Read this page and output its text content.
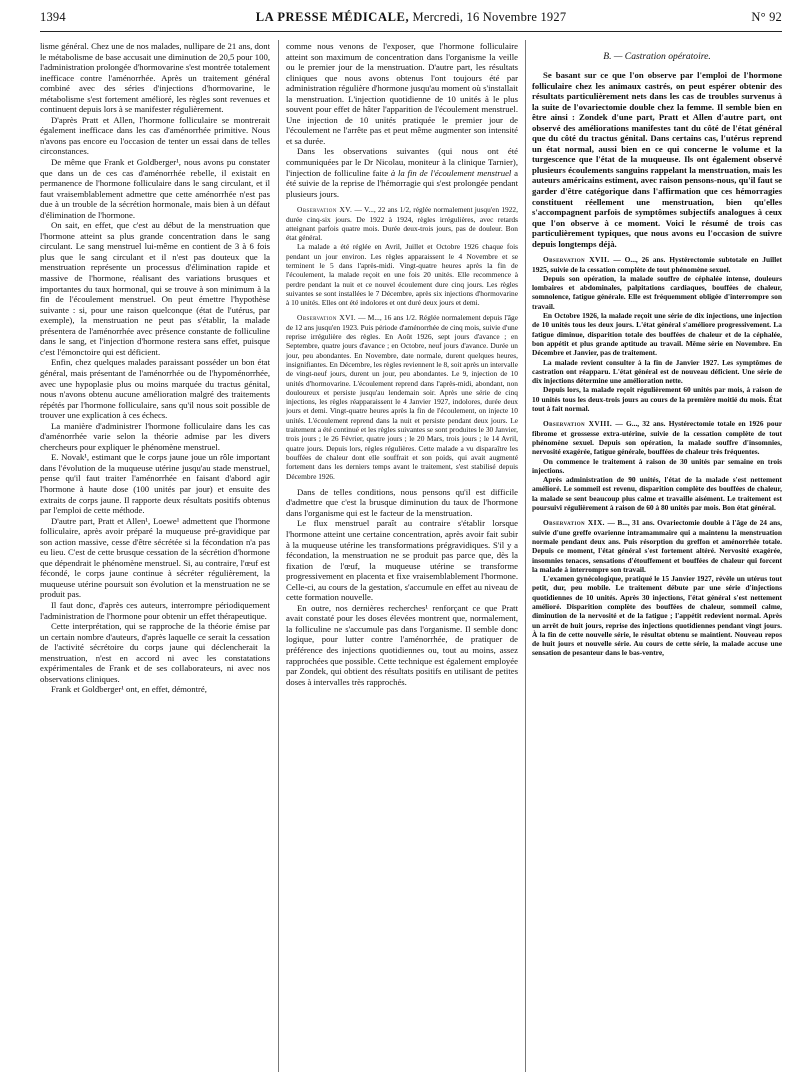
1394	LA PRESSE MÉDICALE, Mercredi, 16 Novembre 1927	N° 92

lisme général. Chez une de nos malades, nullipare de 21 ans, dont le métabolisme de base accusait une diminution de 20,5 pour 100, l'administration prolongée d'hormovarine s'est montrée totalement inefficace contre l'aménorrhée. Après un traitement général combiné avec des séries d'injections d'hormovarine, le métabolisme s'est fortement amélioré, les règles sont revenues et continuent depuis lors à se manifester régulièrement.

D'après Pratt et Allen, l'hormone folliculaire se montrerait également inefficace dans les cas d'aménorrhée primitive. Nous n'avons pas encore eu l'occasion de tenter un essai dans de telles circonstances.

De même que Frank et Goldberger¹, nous avons pu constater que dans un de ces cas d'aménorrhée rebelle, il existait en permanence de l'hormone folliculaire dans le sang circulant, et il faut vraisemblablement admettre que cette aménorrhée n'est pas due à un trouble de la sécrétion hormonale, mais bien à un défaut d'élimination de l'hormone.

On sait, en effet, que c'est au début de la menstruation que l'hormone atteint sa plus grande concentration dans le sang circulant. Le sang menstruel lui-même en contient de 3 à 6 fois plus que le sang circulant et il n'est pas douteux que la menstruation représente un processus d'élimination rapide et massive de l'hormone, réalisant des variations brusques et importantes du taux hormonal, qui se trouve à son minimum à la fin de l'écoulement menstruel. On peut émettre l'hypothèse suivante : si, pour une raison quelconque (état de l'utérus, par exemple), la menstruation ne peut pas s'établir, la malade présentera de l'aménorrhée avec présence constante de folliculine dans le sang, et l'injection d'hormone restera sans effet, puisque c'est l'émonctoire qui est déficient.

Enfin, chez quelques malades paraissant posséder un bon état général, mais présentant de l'aménorrhée ou de l'hypoménorrhée, avec une hypoplasie plus ou moins marquée du tractus génital, nous n'avons obtenu aucune amélioration malgré des traitements répétés par l'hormone folliculaire, sans qu'il nous soit possible de trouver une explication à ces échecs.

La manière d'administrer l'hormone folliculaire dans les cas d'aménorrhée varie selon la théorie admise par les divers chercheurs pour expliquer le phénomène menstruel.

E. Novak¹, estimant que le corps jaune joue un rôle important dans l'évolution de la muqueuse utérine jusqu'au stade menstruel, pense qu'il faut traiter l'aménorrhée en faisant d'abord agir l'hormone à haute dose (100 unités par jour) et ensuite des extraits de corps jaune. Il rapporte deux résultats positifs obtenus par l'emploi de cette méthode.

D'autre part, Pratt et Allen¹, Loewe¹ admettent que l'hormone folliculaire, après avoir préparé la muqueuse pré-gravidique par son action massive, cesse d'être sécrétée si la fécondation n'a pas eu lieu. C'est de cette brusque cessation de la sécrétion d'hormone que dépendrait le phénomène menstruel. Si, au contraire, l'œuf est fécondé, le corps jaune continue à sécréter régulièrement, la muqueuse utérine poursuit son évolution et la menstruation ne se produit pas.

Il faut donc, d'après ces auteurs, interrompre périodiquement l'administration de l'hormone pour obtenir un effet thérapeutique.

Cette interprétation, qui se rapproche de la théorie émise par un certain nombre d'auteurs, d'après laquelle ce serait la cessation de l'activité sécrétoire du corps jaune qui déclencherait la menstruation, n'est en accord ni avec les constatations expérimentales de Frank et de ses collaborateurs, ni avec nos observations cliniques.

Frank et Goldberger¹ ont, en effet, démontré,

comme nous venons de l'exposer, que l'hormone folliculaire atteint son maximum de concentration dans l'organisme la veille ou le premier jour de la menstruation. D'autre part, les résultats cliniques que nous avons obtenus l'ont toujours été par administration régulière d'hormone jusqu'au moment où s'installait la menstruation. L'injection quotidienne de 10 unités à le plus souvent pour effet de hâter l'apparition de l'écoulement menstruel. Une injection de 10 unités pratiquée le premier jour de l'écoulement ne l'arrête pas et peut même augmenter son intensité et sa durée.

Dans les observations suivantes (qui nous ont été communiquées par le Dr Nicolau, moniteur à la clinique Tarnier), l'injection de folliculine faite à la fin de l'écoulement menstruel a été suivie de la reprise de l'hémorragie qui s'est prolongée pendant plusieurs jours.

Observation XV. — V..., 22 ans 1/2, réglée normalement jusqu'en 1922, durée cinq-six jours. De 1922 à 1924, règles irrégulières, avec retards atteignant parfois quatre mois. Durée deux-trois jours, pas de douleur. Bon état général.

La malade a été réglée en Avril, Juillet et Octobre 1926 chaque fois pendant un jour environ. Les règles apparaissent le 4 Novembre et se terminent le 5 dans l'après-midi. Vingt-quatre heures après la fin de l'écoulement, la malade reçoit en une fois 20 unités. Elle recommence à perdre pendant la nuit et ce nouvel écoulement dure cinq jours. Les règles suivantes se sont installées le 7 Décembre, après six injections d'hormovarine à 10 unités. Elles ont été indolores et ont duré deux jours et demi.

Observation XVI. — M..., 16 ans 1/2. Réglée normalement depuis l'âge de 12 ans jusqu'en 1923. Puis période d'aménorrhée de cinq mois, suivie d'une reprise irrégulière des règles. En Août 1926, sept jours d'avance ; en Septembre, quatre jours d'avance ; en Octobre, neuf jours d'avance. Durée un jour, peu abondantes. En Novembre, date normale, durent quelques heures, insignifiantes. En Décembre, les règles reviennent le 8, soit après un intervalle de vingt-neuf jours, durent un jour, peu abondantes. Le 9, injection de 10 unités d'hormovarine. L'écoulement reprend dans l'après-midi, abondant, non douloureux et persiste jusqu'au lendemain soir. Après une série de cinq injections, les règles réapparaissent le 4 Janvier 1927, indolores, durée deux jours et demi. Vingt-quatre heures après la fin de l'écoulement, on injecte 10 unités. L'écoulement reprend dans la nuit et persiste pendant deux jours. Le traitement a été continué et les règles suivantes se sont produites le 30 Janvier, trois jours ; le 26 Février, quatre jours ; le 20 Mars, trois jours ; le 14 Avril, quatre jours. Depuis lors, règles régulières. Cette malade a vu disparaître les bouffées de chaleur dont elle souffrait et son poids, qui avait augmenté fortement dans les derniers temps avant le traitement, s'est stabilisé depuis Décembre 1926.

Dans de telles conditions, nous pensons qu'il est difficile d'admettre que c'est la brusque diminution du taux de l'hormone dans l'organisme qui est le facteur de la menstruation.

Le flux menstruel paraît au contraire s'établir lorsque l'hormone atteint une certaine concentration, après avoir fait subir à la muqueuse utérine les transformations prégravidiques. S'il y a fécondation, la menstruation ne se produit pas parce que, dès la fixation de l'œuf, la muqueuse utérine se transforme progressivement en placenta et fixe vraisemblablement l'hormone. Celle-ci, au cours de la gestation, s'accumule en effet au niveau de cette formation nouvelle.

En outre, nos dernières recherches¹ renforçant ce que Pratt avait constaté pour les doses élevées montrent que, normalement, la folliculine ne s'accumule pas dans l'organisme. Il semble donc logique, pour lutter contre l'aménorrhée, de pratiquer de préférence des injections quotidiennes ou, tout au moins, assez rapprochées que possible. Cette technique est également employée par Zondek, qui obtient des résultats positifs en utilisant de petites doses à intervalles très rapprochés.

B. — Castration opératoire.

Se basant sur ce que l'on observe par l'emploi de l'hormone folliculaire chez les animaux castrés, on peut espérer obtenir des résultats particulièrement nets dans les cas de troubles survenus à la suite de l'ovariectomie double chez la femme. Il semble bien en être ainsi : Zondek d'une part, Pratt et Allen d'autre part, ont observé des améliorations manifestes tant du côté de l'état général que du côté du tractus génital. Dans certains cas, l'utérus reprend un état normal, aussi bien en ce qui concerne le volume et la turgescence que l'état de la muqueuse. Ils ont également observé plusieurs écoulements sanguins rappelant la menstruation, mais les auteurs américains estiment, avec raison pensons-nous, qu'il faut se garder d'être catégorique dans l'affirmation que ces hémorragies constituent réellement une menstruation, bien qu'elles s'accompagnent parfois de symptômes subjectifs analogues à ceux que l'on observe à ce moment. Voici le résumé de trois cas particulièrement typiques, que nous avons eu l'occasion de suivre depuis longtemps déjà.

Observation XVII. — O..., 26 ans. Hystérectomie subtotale en Juillet 1925, suivie de la cessation complète de tout phénomène sexuel.

Depuis son opération, la malade souffre de céphalée intense, douleurs lombaires et abdominales, palpitations cardiaques, bouffées de chaleur, somnolence, fatigue générale. Elle est fréquemment obligée d'interrompre son travail.

En Octobre 1926, la malade reçoit une série de dix injections, une injection de 10 unités tous les deux jours. L'état général s'améliore progressivement. La fatigue diminue, disparition totale des bouffées de chaleur et de la céphalée, bon appétit et plus grande aptitude au travail. Même série en Novembre. En Décembre et Janvier, pas de traitement.

La malade revient consulter à la fin de Janvier 1927. Les symptômes de castration ont réapparu. L'état général est de nouveau déficient. Une série de dix injections détermine une amélioration nette.

Depuis lors, la malade reçoit régulièrement 60 unités par mois, à raison de 10 unités tous les deux-trois jours au cours de la première moitié du mois. État tout à fait normal.

Observation XVIII. — G..., 32 ans. Hystérectomie totale en 1926 pour fibrome et grossesse extra-utérine, suivie de la cessation complète de tout phénomène sexuel. Depuis son opération, la malade souffre d'insomnies, nervosité exagérée, fatigue générale, bouffées de chaleur très fréquentes.

On commence le traitement à raison de 30 unités par semaine en trois injections.

Après administration de 90 unités, l'état de la malade s'est nettement amélioré. Le sommeil est revenu, disparition complète des bouffées de chaleur, la malade se sent beaucoup plus calme et travaille aisément. Le traitement est poursuivi régulièrement à raison de 60 à 80 unités par mois. Bon état général.

Observation XIX. — B..., 31 ans. Ovariectomie double à l'âge de 24 ans, suivie d'une greffe ovarienne intramammaire qui a maintenu la menstruation normale pendant deux ans. Puis résorption du greffon et aménorrhée totale. Depuis ce moment, l'état général s'est fortement altéré. Nervosité exagérée, insomnies tenaces, sensations d'étouffement et bouffées de chaleur qui forcent la malade à interrompre son travail.

L'examen gynécologique, pratiqué le 15 Janvier 1927, révèle un utérus tout petit, dur, peu mobile. Le traitement débute par une série d'injections quotidiennes de 10 unités. Après 30 injections, l'état général s'est nettement amélioré. Disparition complète des bouffées de chaleur, sommeil calme, diminution de la nervosité et de la fatigue ; l'appétit redevient normal. Après un arrêt de huit jours, reprise des injections quotidiennes pendant vingt jours. À la fin de cette nouvelle série, le résultat obtenu se maintient. Nouveau repos de huit jours et nouvelle série. Au cours de cette série, la malade accuse une sensation de pesanteur dans le bas-ventre,
